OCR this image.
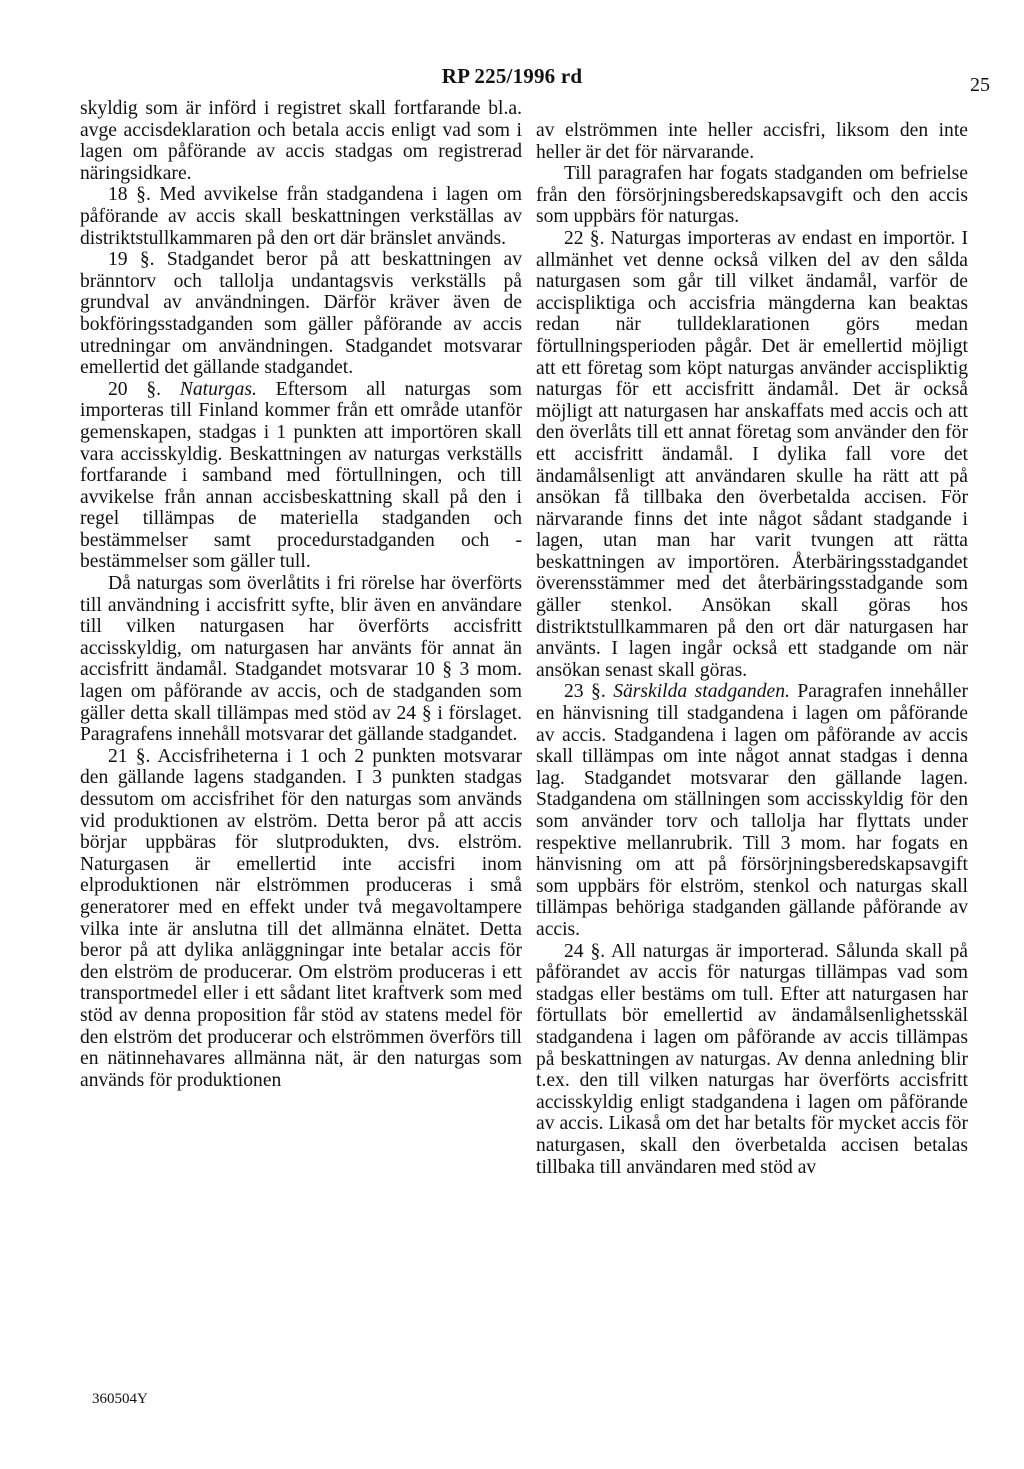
RP 225/1996 rd	25

skyldig som är införd i registret skall fortfarande bl.a. avge accisdeklaration och betala accis enligt vad som i lagen om påförande av accis stadgas om registrerad näringsidkare.

18 §. Med avvikelse från stadgandena i lagen om påförande av accis skall beskattningen verkställas av distriktstullkammaren på den ort där bränslet används.

19 §. Stadgandet beror på att beskattningen av bränntorv och tallolja undantagsvis verkställs på grundval av användningen. Därför kräver även de bokföringsstadganden som gäller påförande av accis utredningar om användningen. Stadgandet motsvarar emellertid det gällande stadgandet.

20 §. Naturgas. Eftersom all naturgas som importeras till Finland kommer från ett område utanför gemenskapen, stadgas i 1 punkten att importören skall vara accisskyldig. Beskattningen av naturgas verkställs fortfarande i samband med förtullningen, och till avvikelse från annan accisbeskattning skall på den i regel tillämpas de materiella stadganden och bestämmelser samt procedurstadganden och -bestämmelser som gäller tull.

Då naturgas som överlåtits i fri rörelse har överförts till användning i accisfritt syfte, blir även en användare till vilken naturgasen har överförts accisfritt accisskyldig, om naturgasen har använts för annat än accisfritt ändamål. Stadgandet motsvarar 10 § 3 mom. lagen om påförande av accis, och de stadganden som gäller detta skall tillämpas med stöd av 24 § i förslaget. Paragrafens innehåll motsvarar det gällande stadgandet.

21 §. Accisfriheterna i 1 och 2 punkten motsvarar den gällande lagens stadganden. I 3 punkten stadgas dessutom om accisfrihet för den naturgas som används vid produktionen av elström. Detta beror på att accis börjar uppbäras för slutprodukten, dvs. elström. Naturgasen är emellertid inte accisfri inom elproduktionen när elströmmen produceras i små generatorer med en effekt under två megavoltampere vilka inte är anslutna till det allmänna elnätet. Detta beror på att dylika anläggningar inte betalar accis för den elström de producerar. Om elström produceras i ett transportmedel eller i ett sådant litet kraftverk som med stöd av denna proposition får stöd av statens medel för den elström det producerar och elströmmen överförs till en nätinnehavares allmänna nät, är den naturgas som används för produktionen

av elströmmen inte heller accisfri, liksom den inte heller är det för närvarande.

Till paragrafen har fogats stadganden om befrielse från den försörjningsberedskapsavgift och den accis som uppbärs för naturgas.

22 §. Naturgas importeras av endast en importör. I allmänhet vet denne också vilken del av den sålda naturgasen som går till vilket ändamål, varför de accispliktiga och accisfria mängderna kan beaktas redan när tulldeklarationen görs medan förtullningsperioden pågår. Det är emellertid möjligt att ett företag som köpt naturgas använder accispliktig naturgas för ett accisfritt ändamål. Det är också möjligt att naturgasen har anskaffats med accis och att den överlåts till ett annat företag som använder den för ett accisfritt ändamål. I dylika fall vore det ändamålsenligt att användaren skulle ha rätt att på ansökan få tillbaka den överbetalda accisen. För närvarande finns det inte något sådant stadgande i lagen, utan man har varit tvungen att rätta beskattningen av importören. Återbäringsstadgandet överensstämmer med det återbäringsstadgande som gäller stenkol. Ansökan skall göras hos distriktstullkammaren på den ort där naturgasen har använts. I lagen ingår också ett stadgande om när ansökan senast skall göras.

23 §. Särskilda stadganden. Paragrafen innehåller en hänvisning till stadgandena i lagen om påförande av accis. Stadgandena i lagen om påförande av accis skall tillämpas om inte något annat stadgas i denna lag. Stadgandet motsvarar den gällande lagen. Stadgandena om ställningen som accisskyldig för den som använder torv och tallolja har flyttats under respektive mellanrubrik. Till 3 mom. har fogats en hänvisning om att på försörjningsberedskapsavgift som uppbärs för elström, stenkol och naturgas skall tillämpas behöriga stadganden gällande påförande av accis.

24 §. All naturgas är importerad. Sålunda skall på påförandet av accis för naturgas tillämpas vad som stadgas eller bestäms om tull. Efter att naturgasen har förtullats bör emellertid av ändamålsenlighetsskäl stadgandena i lagen om påförande av accis tillämpas på beskattningen av naturgas. Av denna anledning blir t.ex. den till vilken naturgas har överförts accisfritt accisskyldig enligt stadgandena i lagen om påförande av accis. Likaså om det har betalts för mycket accis för naturgasen, skall den överbetalda accisen betalas tillbaka till användaren med stöd av

360504Y
